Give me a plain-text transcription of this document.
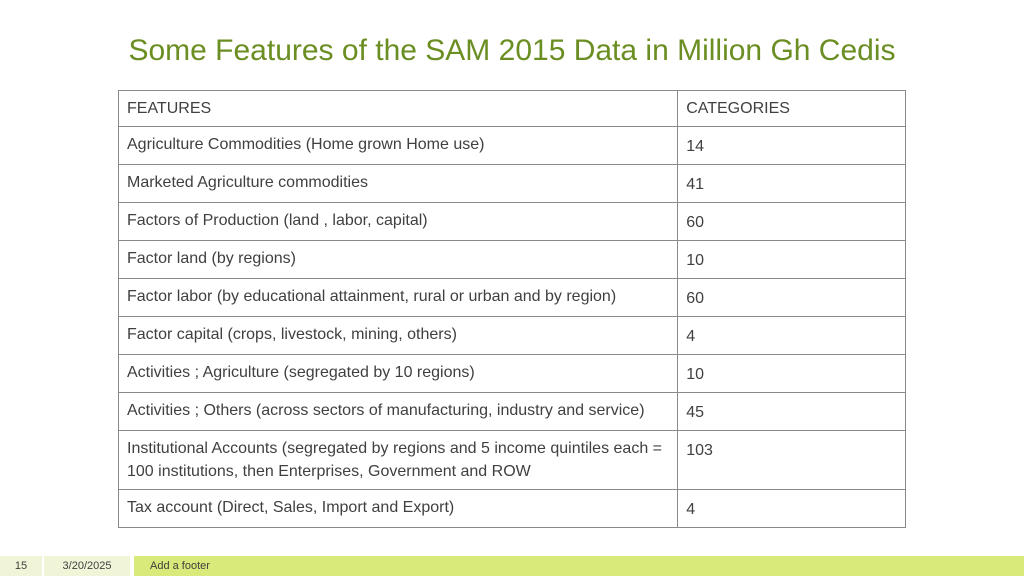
Some Features of the SAM 2015 Data in Million Gh Cedis
FEATURES	CATEGORIES
Agriculture Commodities (Home grown Home use)	14
Marketed Agriculture commodities	41
Factors of Production (land , labor, capital)	60
Factor land (by regions)	10
Factor labor (by educational attainment, rural or urban and by region)	60
Factor capital (crops, livestock, mining, others)	4
Activities ; Agriculture (segregated by 10 regions)	10
Activities ; Others (across sectors of manufacturing, industry and service)	45
Institutional Accounts (segregated by regions and 5 income quintiles each = 100 institutions, then Enterprises, Government and ROW	103
Tax account (Direct, Sales, Import and Export)	4
15	3/20/2025	Add a footer
